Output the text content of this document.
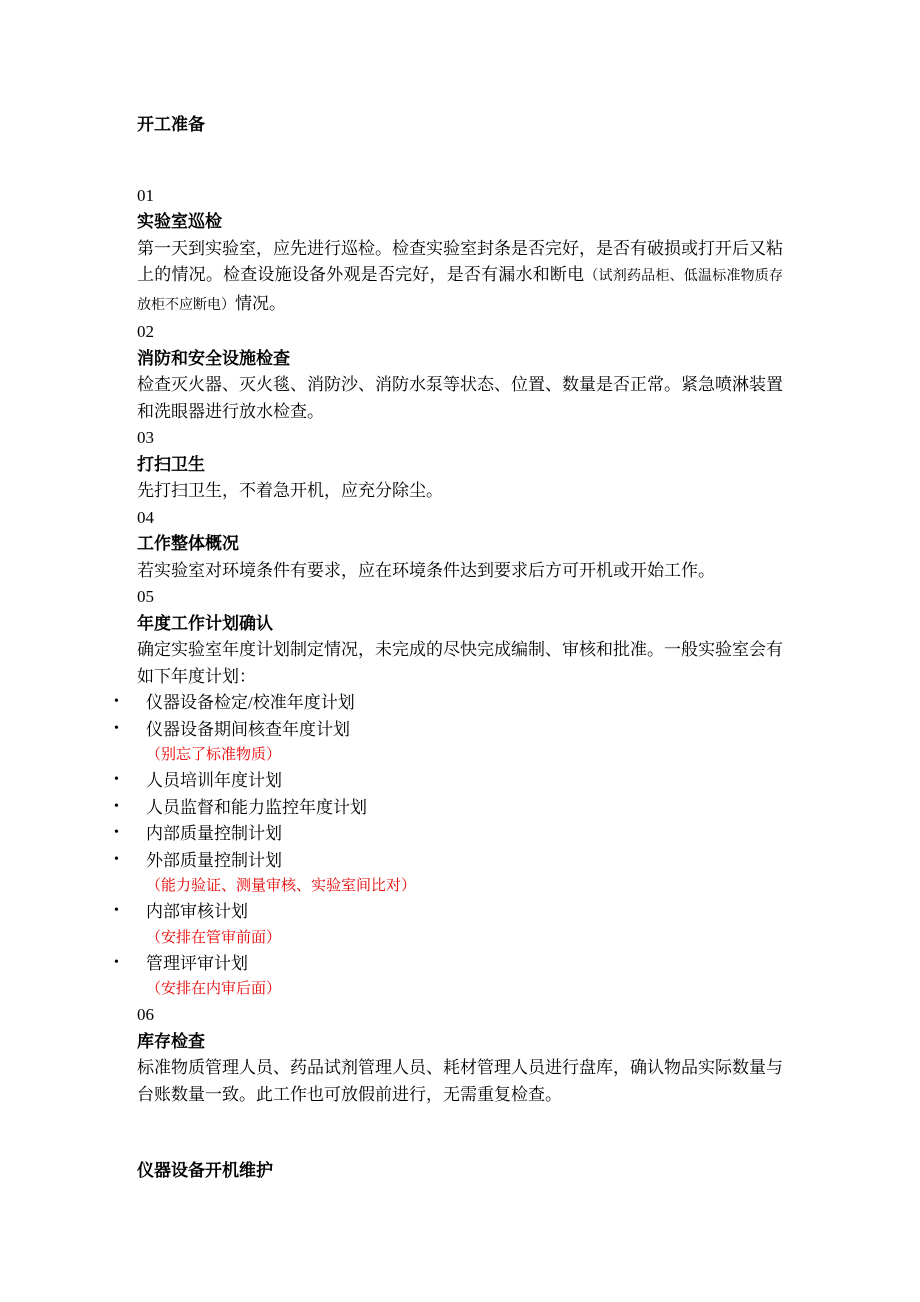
开工准备

01

实验室巡检

第一天到实验室，应先进行巡检。检查实验室封条是否完好，是否有破损或打开后又粘上的情况。检查设施设备外观是否完好，是否有漏水和断电（试剂药品柜、低温标准物质存放柜不应断电）情况。

02

消防和安全设施检查

检查灭火器、灭火毯、消防沙、消防水泵等状态、位置、数量是否正常。紧急喷淋装置和洗眼器进行放水检查。

03

打扫卫生

先打扫卫生，不着急开机，应充分除尘。

04

工作整体概况

若实验室对环境条件有要求，应在环境条件达到要求后方可开机或开始工作。

05

年度工作计划确认

确定实验室年度计划制定情况，未完成的尽快完成编制、审核和批准。一般实验室会有如下年度计划：

• 仪器设备检定/校准年度计划
• 仪器设备期间核查年度计划

（别忘了标准物质）

• 人员培训年度计划
• 人员监督和能力监控年度计划
• 内部质量控制计划
• 外部质量控制计划

（能力验证、测量审核、实验室间比对）

• 内部审核计划

（安排在管审前面）

• 管理评审计划

（安排在内审后面）

06

库存检查

标准物质管理人员、药品试剂管理人员、耗材管理人员进行盘库，确认物品实际数量与台账数量一致。此工作也可放假前进行，无需重复检查。

仪器设备开机维护
